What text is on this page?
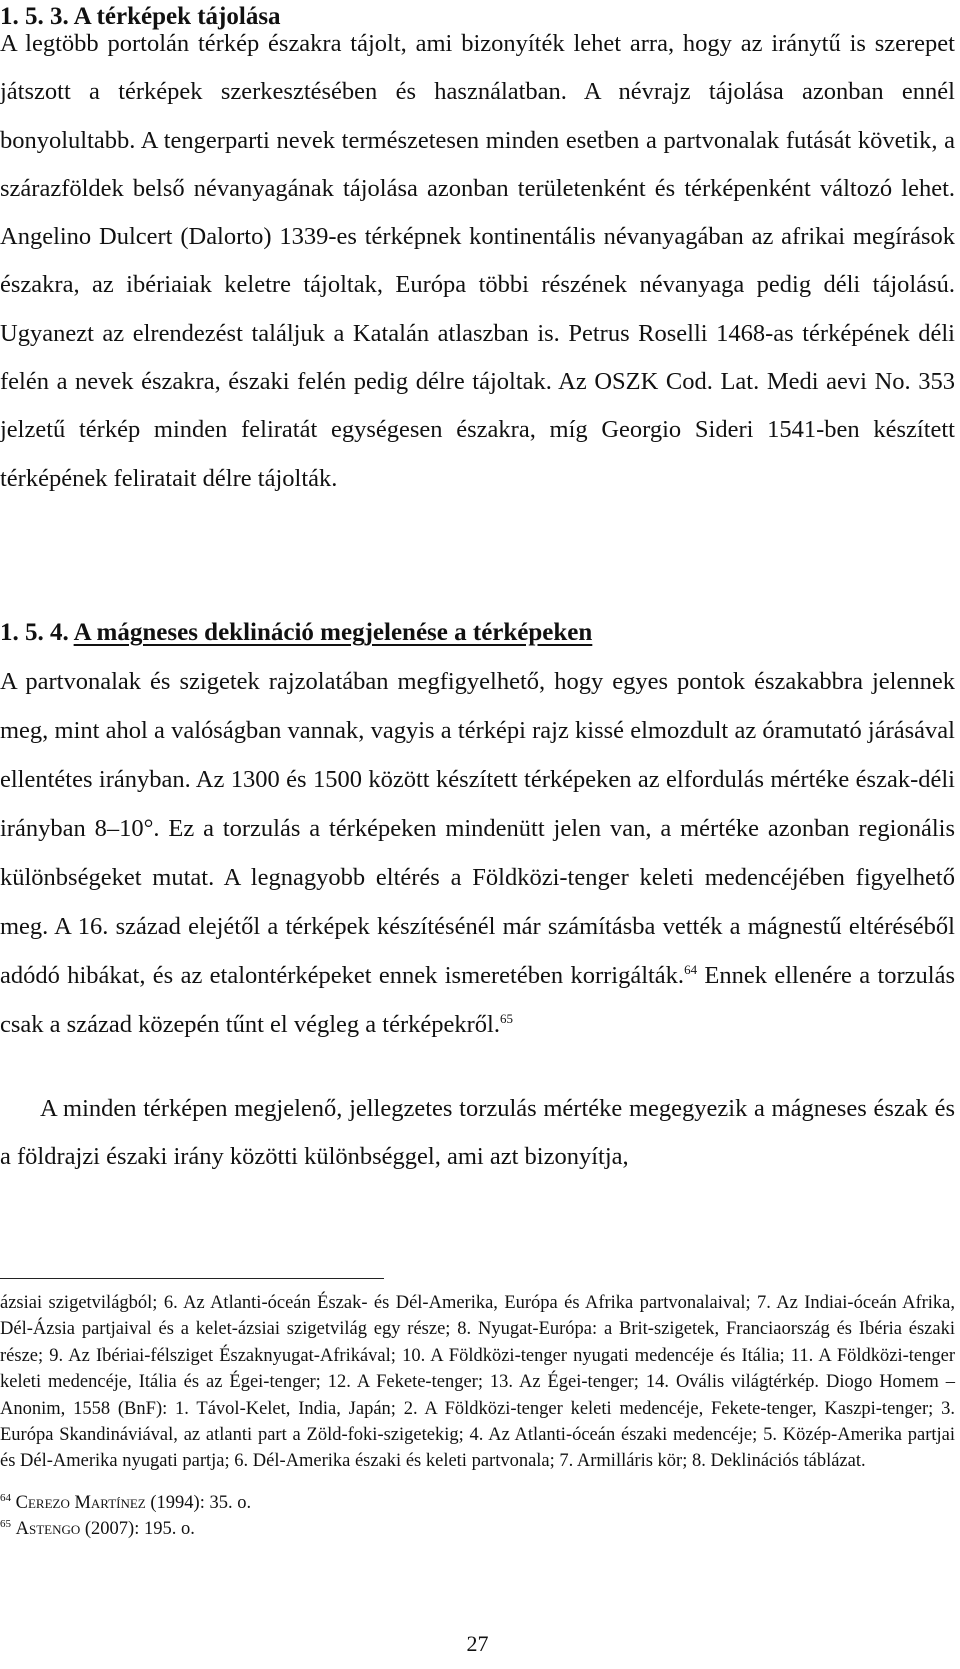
1. 5. 3. A térképek tájolása
A legtöbb portolán térkép északra tájolt, ami bizonyíték lehet arra, hogy az iránytű is szerepet játszott a térképek szerkesztésében és használatban. A névrajz tájolása azonban ennél bonyolultabb. A tengerparti nevek természetesen minden esetben a partvonalak futását követik, a szárazföldek belső névanyagának tájolása azonban területenként és térképenként változó lehet. Angelino Dulcert (Dalorto) 1339-es térképnek kontinentális névanyagában az afrikai megírások északra, az ibériaiak keletre tájoltak, Európa többi részének névanyaga pedig déli tájolású. Ugyanezt az elrendezést találjuk a Katalán atlaszban is. Petrus Roselli 1468-as térképének déli felén a nevek északra, északi felén pedig délre tájoltak. Az OSZK Cod. Lat. Medi aevi No. 353 jelzetű térkép minden feliratát egységesen északra, míg Georgio Sideri 1541-ben készített térképének feliratait délre tájolták.
1. 5. 4. A mágneses deklináció megjelenése a térképeken
A partvonalak és szigetek rajzolatában megfigyelhető, hogy egyes pontok északabbra jelennek meg, mint ahol a valóságban vannak, vagyis a térképi rajz kissé elmozdult az óramutató járásával ellentétes irányban. Az 1300 és 1500 között készített térképeken az elfordulás mértéke észak-déli irányban 8–10°. Ez a torzulás a térképeken mindenütt jelen van, a mértéke azonban regionális különbségeket mutat. A legnagyobb eltérés a Földközi-tenger keleti medencéjében figyelhető meg. A 16. század elejétől a térképek készítésénél már számításba vették a mágnestű eltéréséből adódó hibákat, és az etalontérképeket ennek ismeretében korrigálták.$^{64}$ Ennek ellenére a torzulás csak a század közepén tűnt el végleg a térképekről.$^{65}$
A minden térképen megjelenő, jellegzetes torzulás mértéke megegyezik a mágneses észak és a földrajzi északi irány közötti különbséggel, ami azt bizonyítja,
ázsiai szigetvilágból; 6. Az Atlanti-óceán Észak- és Dél-Amerika, Európa és Afrika partvonalaival; 7. Az Indiai-óceán Afrika, Dél-Ázsia partjaival és a kelet-ázsiai szigetvilág egy része; 8. Nyugat-Európa: a Brit-szigetek, Franciaország és Ibéria északi része; 9. Az Ibériai-félsziget Északnyugat-Afrikával; 10. A Földközi-tenger nyugati medencéje és Itália; 11. A Földközi-tenger keleti medencéje, Itália és az Égei-tenger; 12. A Fekete-tenger; 13. Az Égei-tenger; 14. Ovális világtérkép. Diogo Homem – Anonim, 1558 (BnF): 1. Távol-Kelet, India, Japán; 2. A Földközi-tenger keleti medencéje, Fekete-tenger, Kaszpi-tenger; 3. Európa Skandináviával, az atlanti part a Zöld-foki-szigetekig; 4. Az Atlanti-óceán északi medencéje; 5. Közép-Amerika partjai és Dél-Amerika nyugati partja; 6. Dél-Amerika északi és keleti partvonala; 7. Armilláris kör; 8. Deklinációs táblázat.
$^{64}$ Cerezo Martínez (1994): 35. o.
$^{65}$ Astengo (2007): 195. o.
27
